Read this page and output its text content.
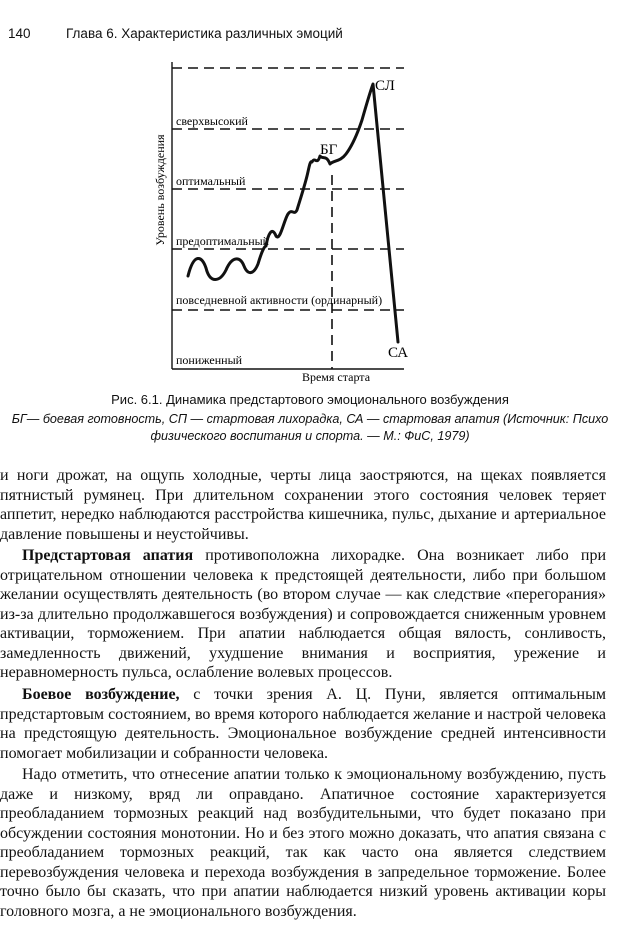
140	Глава 6. Характеристика различных эмоций
Уровень возбуждения
Время старта
сверхвысокий
оптимальный
предоптимальный
повседневной активности (ординарный)
пониженный
СЛ
БГ
СА
Рис. 6.1. Динамика предстартового эмоционального возбуждения
БГ— боевая готовность, СП — стартовая лихорадка, СА — стартовая апатия (Источник: Психо
физического воспитания и спорта. — М.: ФиС, 1979)

и ноги дрожат, на ощупь холодные, черты лица заостряются, на щеках появляется пятнистый румянец. При длительном сохранении этого состояния человек теряет аппетит, нередко наблюдаются расстройства кишечника, пульс, дыхание и артериальное давление повышены и неустойчивы.

Предстартовая апатия противоположна лихорадке. Она возникает либо при отрицательном отношении человека к предстоящей деятельности, либо при большом желании осуществлять деятельность (во втором случае — как следствие «перегорания» из-за длительно продолжавшегося возбуждения) и сопровождается сниженным уровнем активации, торможением. При апатии наблюдается общая вялость, сонливость, замедленность движений, ухудшение внимания и восприятия, урежение и неравномерность пульса, ослабление волевых процессов.

Боевое возбуждение, с точки зрения А. Ц. Пуни, является оптимальным предстартовым состоянием, во время которого наблюдается желание и настрой человека на предстоящую деятельность. Эмоциональное возбуждение средней интенсивности помогает мобилизации и собранности человека.

Надо отметить, что отнесение апатии только к эмоциональному возбуждению, пусть даже и низкому, вряд ли оправдано. Апатичное состояние характеризуется преобладанием тормозных реакций над возбудительными, что будет показано при обсуждении состояния монотонии. Но и без этого можно доказать, что апатия связана с преобладанием тормозных реакций, так как часто она является следствием перевозбуждения человека и перехода возбуждения в запредельное торможение. Более точно было бы сказать, что при апатии наблюдается низкий уровень активации коры головного мозга, а не эмоционального возбуждения.
